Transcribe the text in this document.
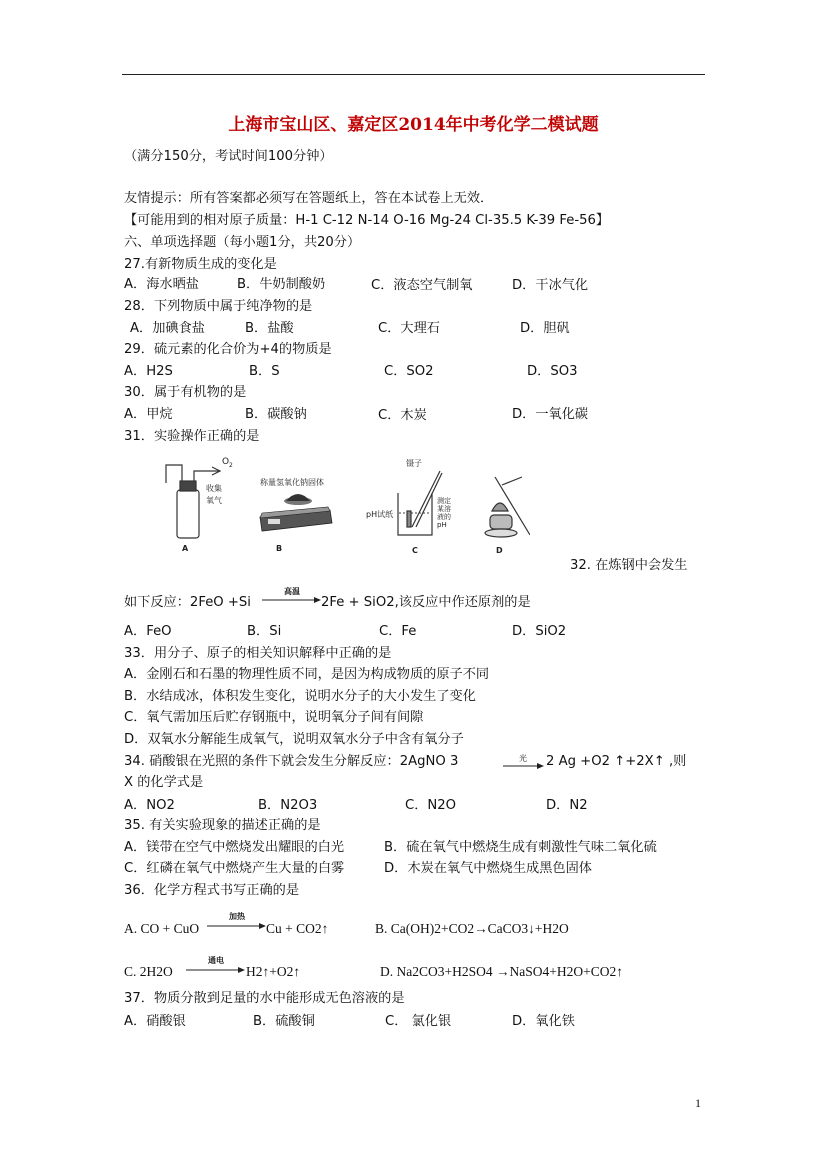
上海市宝山区、嘉定区2014年中考化学二模试题
（满分150分，考试时间100分钟）
友情提示：所有答案都必须写在答题纸上，答在本试卷上无效．
【可能用到的相对原子质量：H-1 C-12 N-14 O-16 Mg-24 Cl-35.5 K-39 Fe-56】
六、单项选择题（每小题1分，共20分）
27.有新物质生成的变化是
A．海水晒盐	B．牛奶制酸奶	C．液态空气制氧	D．干冰气化
28．下列物质中属于纯净物的是
A．加碘食盐	B．盐酸	C．大理石	D．胆矾
29．硫元素的化合价为+4的物质是
A．H2S	B．S	C．SO2	D．SO3
30．属于有机物的是
A．甲烷	B．碳酸钠	C．木炭	D．一氧化碳
31．实验操作正确的是
O 2
收集
氧气
A
称量氢氧化钠固体
B
镊子
pH试纸
测定
某溶
液的
pH
C	D
32. 在炼钢中会发生
如下反应：2FeO +Si
高温
→ 2Fe + SiO2,该反应中作还原剂的是
A．FeO	B．Si	C．Fe	D．SiO2
33．用分子、原子的相关知识解释中正确的是
A．金刚石和石墨的物理性质不同，是因为构成物质的原子不同
B．水结成冰，体积发生变化，说明水分子的大小发生了变化
C．氧气需加压后贮存钢瓶中，说明氧分子间有间隙
D．双氧水分解能生成氧气，说明双氧水分子中含有氧分子
34. 硝酸银在光照的条件下就会发生分解反应：2AgNO 3	光 → 2 Ag +O2 ↑+2X↑ ,则
X 的化学式是
A．NO2	B．N2O3	C．N2O	D．N2
35. 有关实验现象的描述正确的是
A．镁带在空气中燃烧发出耀眼的白光	B．硫在氧气中燃烧生成有刺激性气味二氧化硫
C．红磷在氧气中燃烧产生大量的白雾	D．木炭在氧气中燃烧生成黑色固体
36．化学方程式书写正确的是
A. CO + CuO
加热
→ Cu + CO2↑	B. Ca(OH)2+CO2→CaCO3↓+H2O
C. 2H2O
通电
→ H2↑+O2↑	D. Na2CO3+H2SO4 →NaSO4+H2O+CO2↑
37．物质分散到足量的水中能形成无色溶液的是
A．硝酸银	B．硫酸铜	C． 氯化银	D．氧化铁
1
